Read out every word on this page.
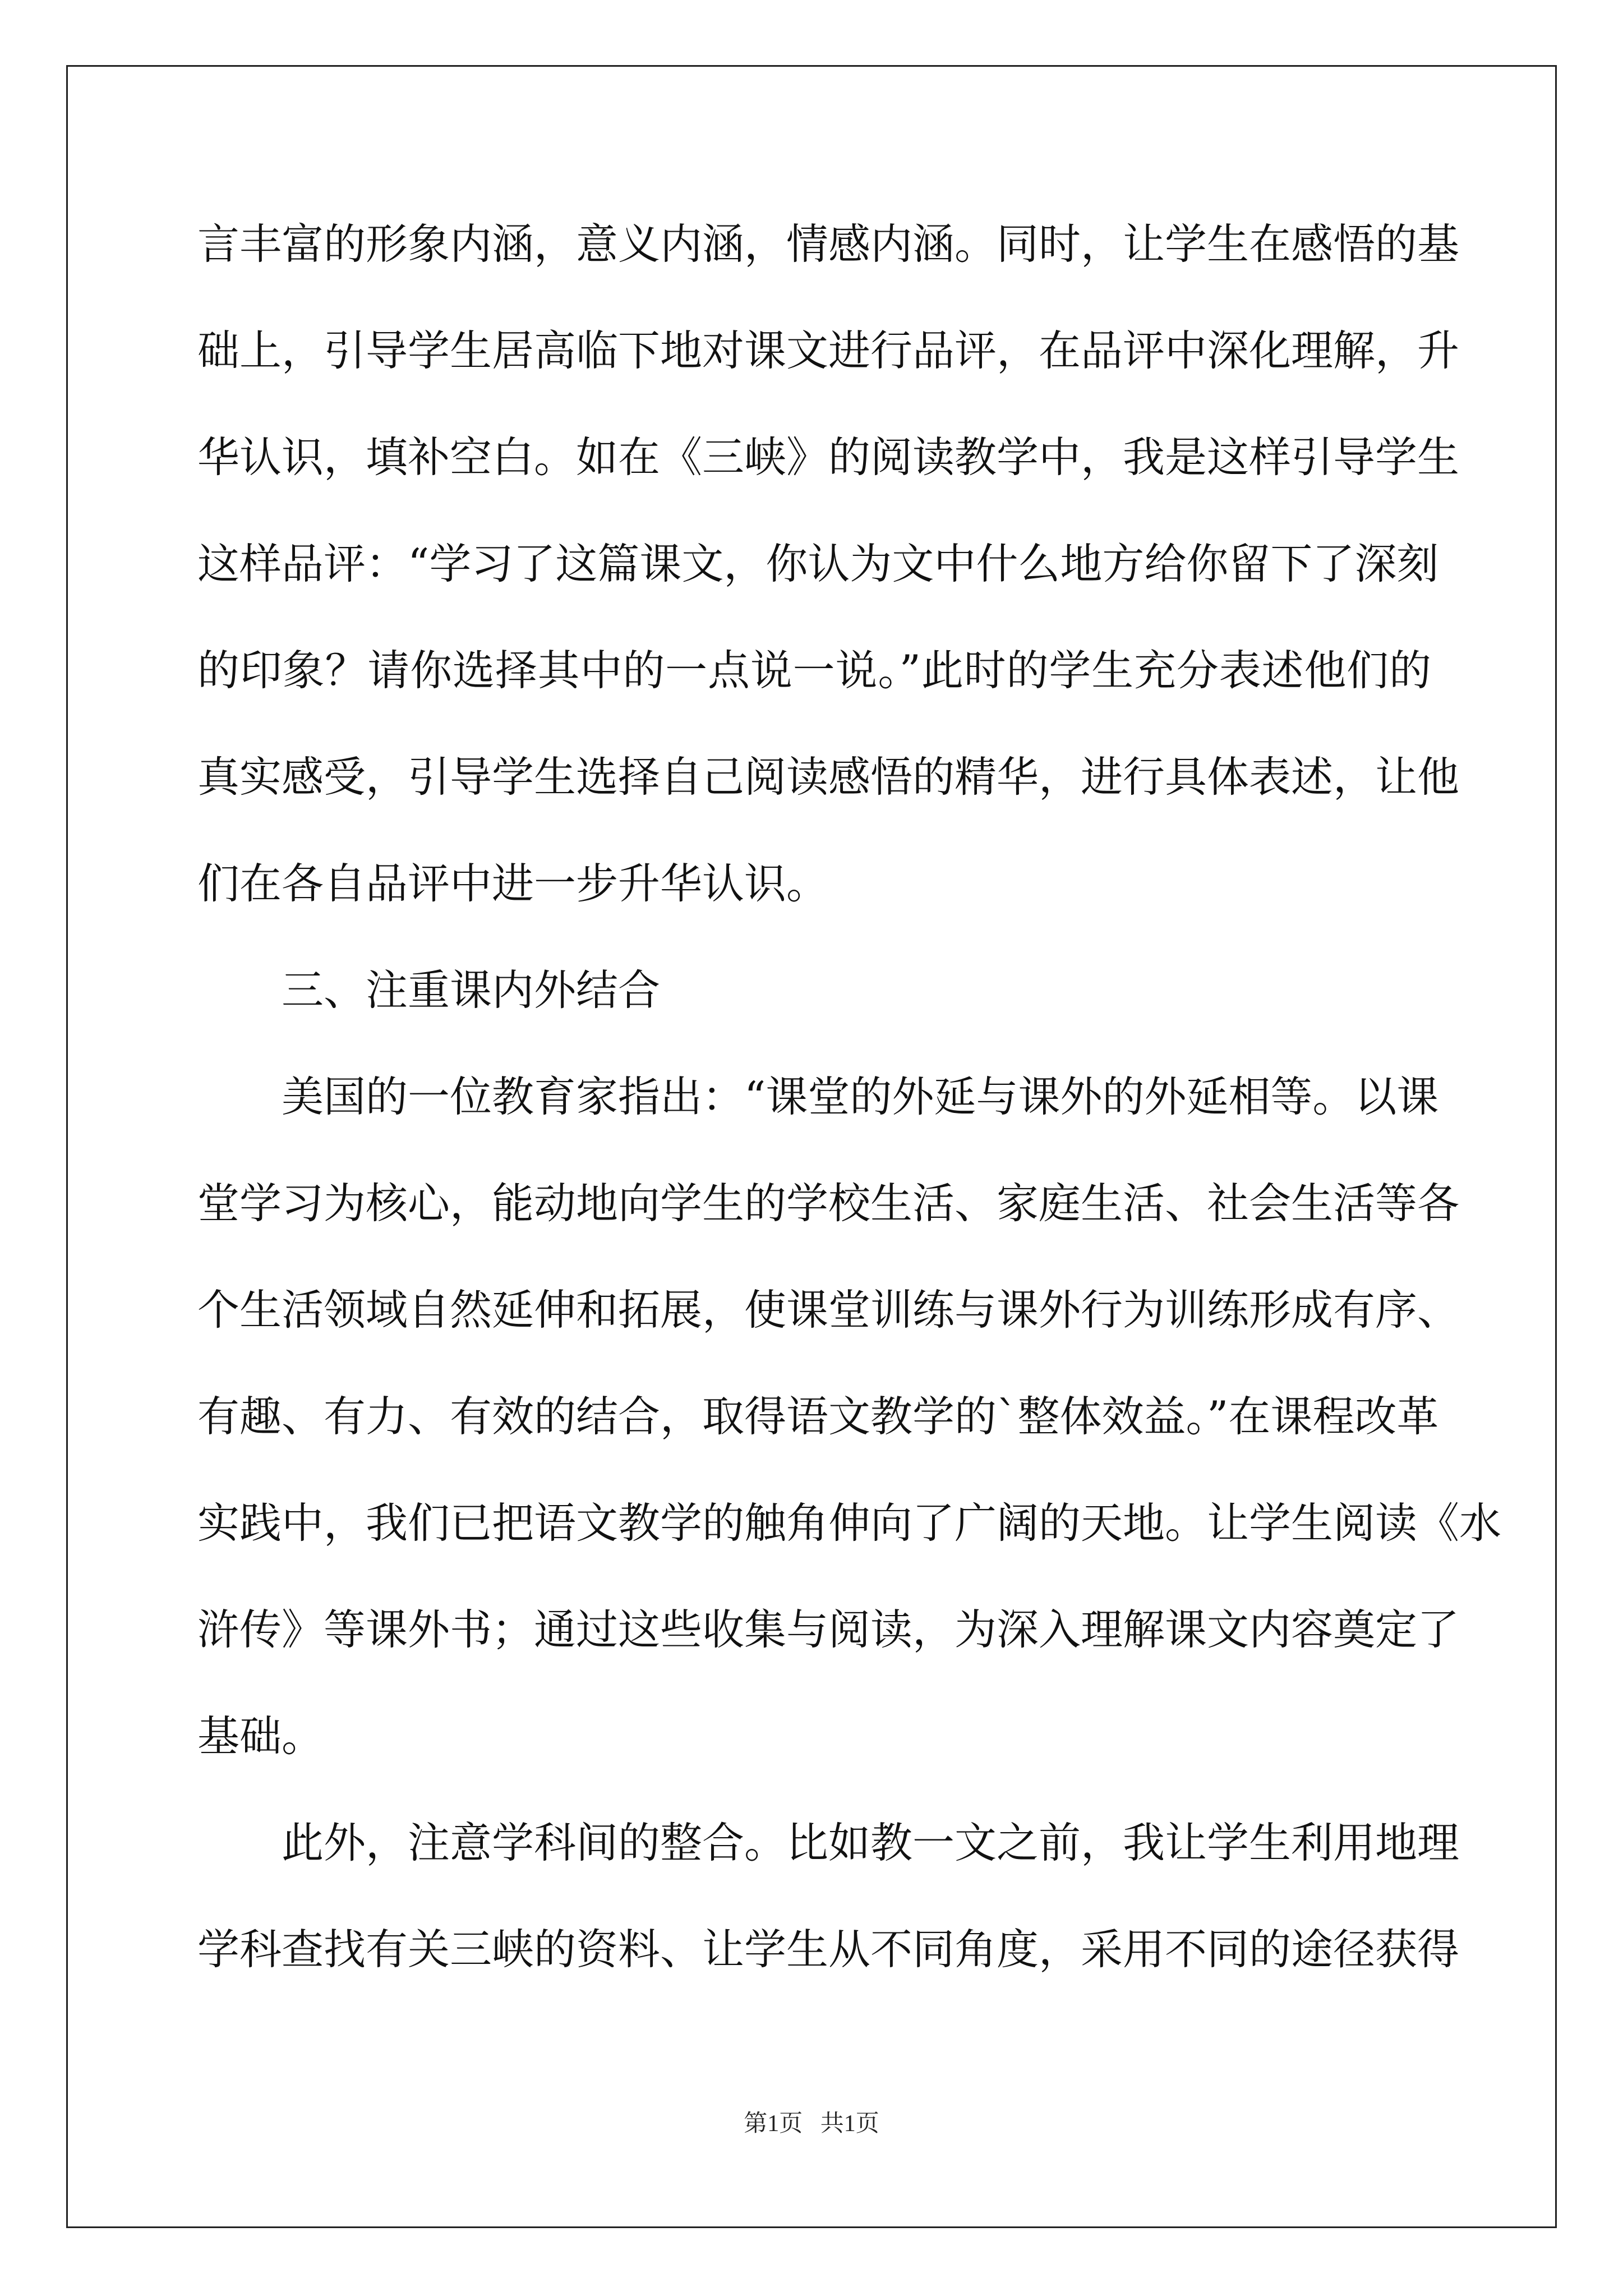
言丰富的形象内涵，意义内涵，情感内涵。同时，让学生在感悟的基
础上，引导学生居高临下地对课文进行品评，在品评中深化理解，升
华认识，填补空白。如在《三峡》的阅读教学中，我是这样引导学生
这样品评：“学习了这篇课文，你认为文中什么地方给你留下了深刻
的印象？请你选择其中的一点说一说。”此时的学生充分表述他们的
真实感受，引导学生选择自己阅读感悟的精华，进行具体表述，让他
们在各自品评中进一步升华认识。
三、注重课内外结合
美国的一位教育家指出：“课堂的外延与课外的外延相等。以课
堂学习为核心，能动地向学生的学校生活、家庭生活、社会生活等各
个生活领域自然延伸和拓展，使课堂训练与课外行为训练形成有序、
有趣、有力、有效的结合，取得语文教学的`整体效益。”在课程改革
实践中，我们已把语文教学的触角伸向了广阔的天地。让学生阅读《水
浒传》等课外书；通过这些收集与阅读，为深入理解课文内容奠定了
基础。
此外，注意学科间的整合。比如教一文之前，我让学生利用地理
学科查找有关三峡的资料、让学生从不同角度，采用不同的途径获得
第1页   共1页
